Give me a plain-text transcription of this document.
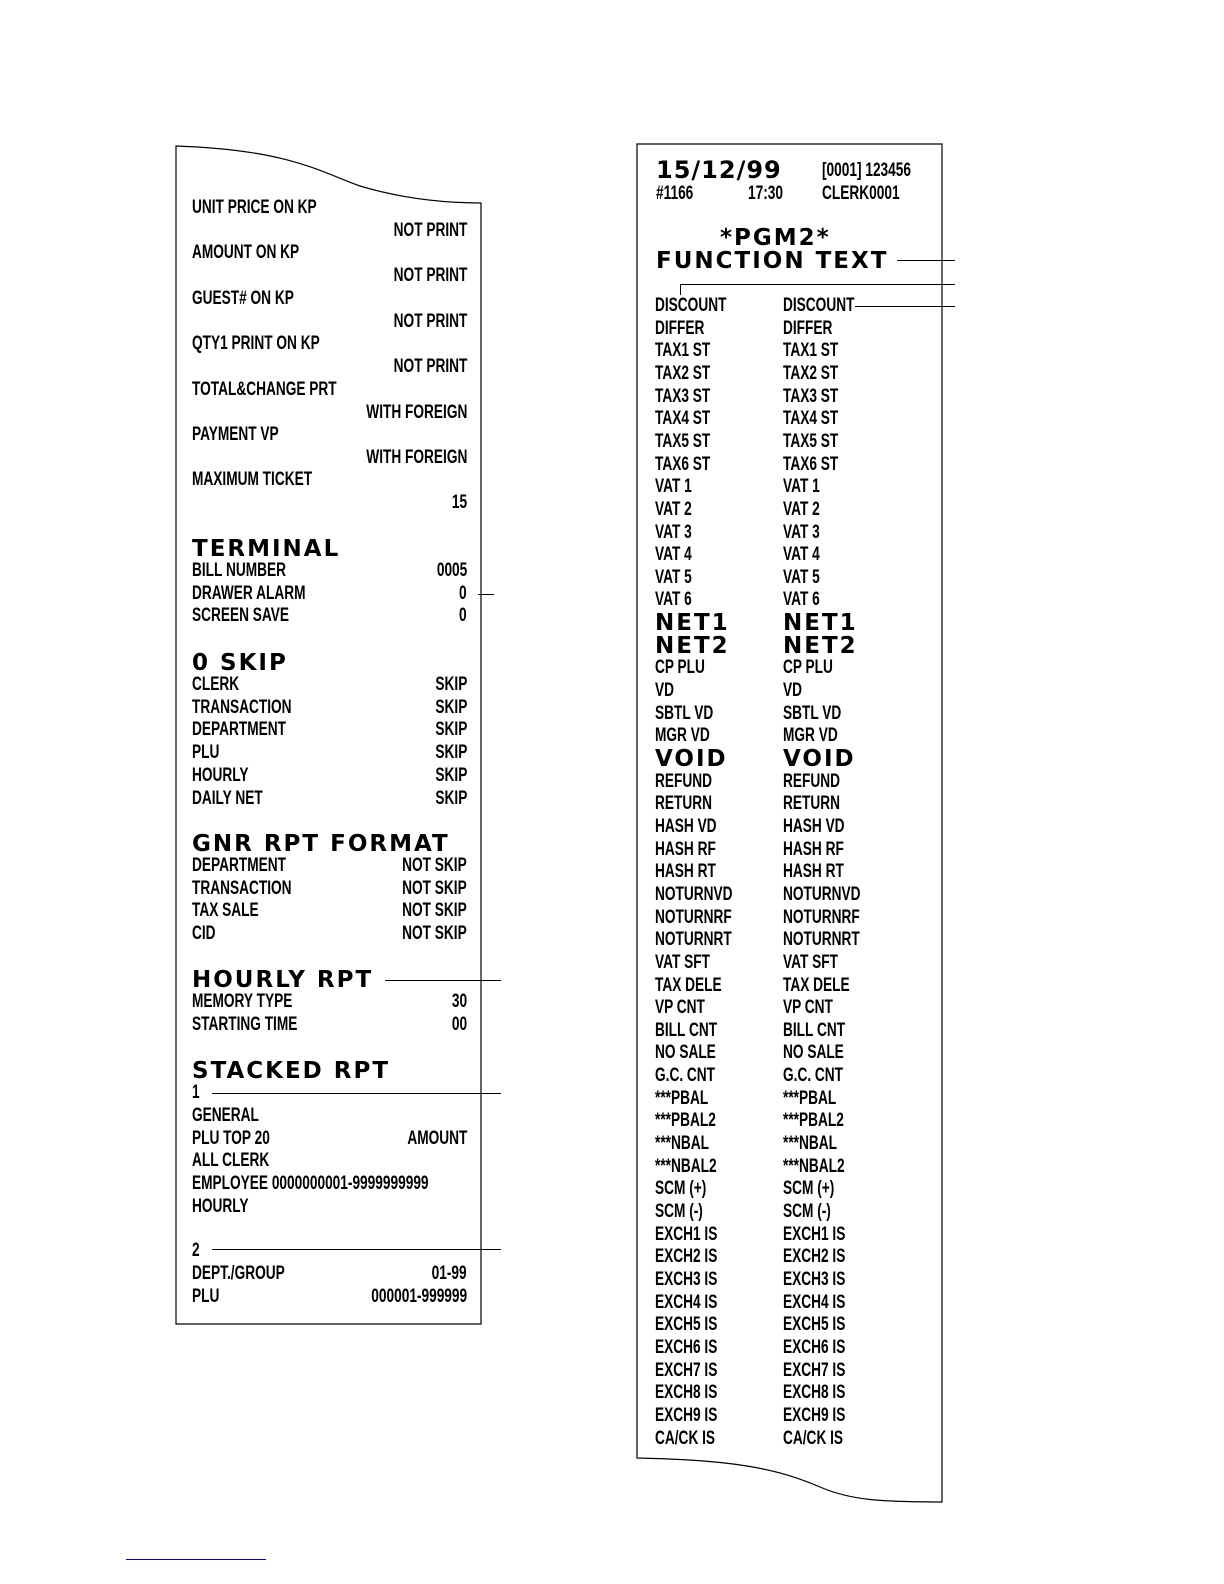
UNIT PRICE ON KP
NOT PRINT
AMOUNT ON KP
NOT PRINT
GUEST# ON KP
NOT PRINT
QTY1 PRINT ON KP
NOT PRINT
TOTAL&CHANGE PRT
WITH FOREIGN
PAYMENT VP
WITH FOREIGN
MAXIMUM TICKET
15
TERMINAL
BILL NUMBER	0005
DRAWER ALARM	0
SCREEN SAVE	0
0 SKIP
CLERK	SKIP
TRANSACTION	SKIP
DEPARTMENT	SKIP
PLU	SKIP
HOURLY	SKIP
DAILY NET	SKIP
GNR RPT FORMAT
DEPARTMENT	NOT SKIP
TRANSACTION	NOT SKIP
TAX SALE	NOT SKIP
CID	NOT SKIP
HOURLY RPT
MEMORY TYPE	30
STARTING TIME	00
STACKED RPT
1
GENERAL
PLU TOP 20	AMOUNT
ALL CLERK
EMPLOYEE 0000000001-9999999999
HOURLY
2
DEPT./GROUP	01-99
PLU	000001-999999
15/12/99 [0001] 123456
#1166	17:30 CLERK0001
*PGM2*
FUNCTION TEXT
DISCOUNT	DISCOUNT
DIFFER	DIFFER
TAX1 ST	TAX1 ST
TAX2 ST	TAX2 ST
TAX3 ST	TAX3 ST
TAX4 ST	TAX4 ST
TAX5 ST	TAX5 ST
TAX6 ST	TAX6 ST
VAT 1	VAT 1
VAT 2	VAT 2
VAT 3	VAT 3
VAT 4	VAT 4
VAT 5	VAT 5
VAT 6	VAT 6
NET1 NET1
NET2 NET2
CP PLU	CP PLU
VD	VD
SBTL VD	SBTL VD
MGR VD	MGR VD
VOID VOID
REFUND	REFUND
RETURN	RETURN
HASH VD	HASH VD
HASH RF	HASH RF
HASH RT	HASH RT
NOTURNVD	NOTURNVD
NOTURNRF	NOTURNRF
NOTURNRT	NOTURNRT
VAT SFT	VAT SFT
TAX DELE	TAX DELE
VP CNT	VP CNT
BILL CNT	BILL CNT
NO SALE	NO SALE
G.C. CNT	G.C. CNT
***PBAL	***PBAL
***PBAL2	***PBAL2
***NBAL	***NBAL
***NBAL2	***NBAL2
SCM (+)	SCM (+)
SCM (-)	SCM (-)
EXCH1 IS	EXCH1 IS
EXCH2 IS	EXCH2 IS
EXCH3 IS	EXCH3 IS
EXCH4 IS	EXCH4 IS
EXCH5 IS	EXCH5 IS
EXCH6 IS	EXCH6 IS
EXCH7 IS	EXCH7 IS
EXCH8 IS	EXCH8 IS
EXCH9 IS	EXCH9 IS
CA/CK IS	CA/CK IS
